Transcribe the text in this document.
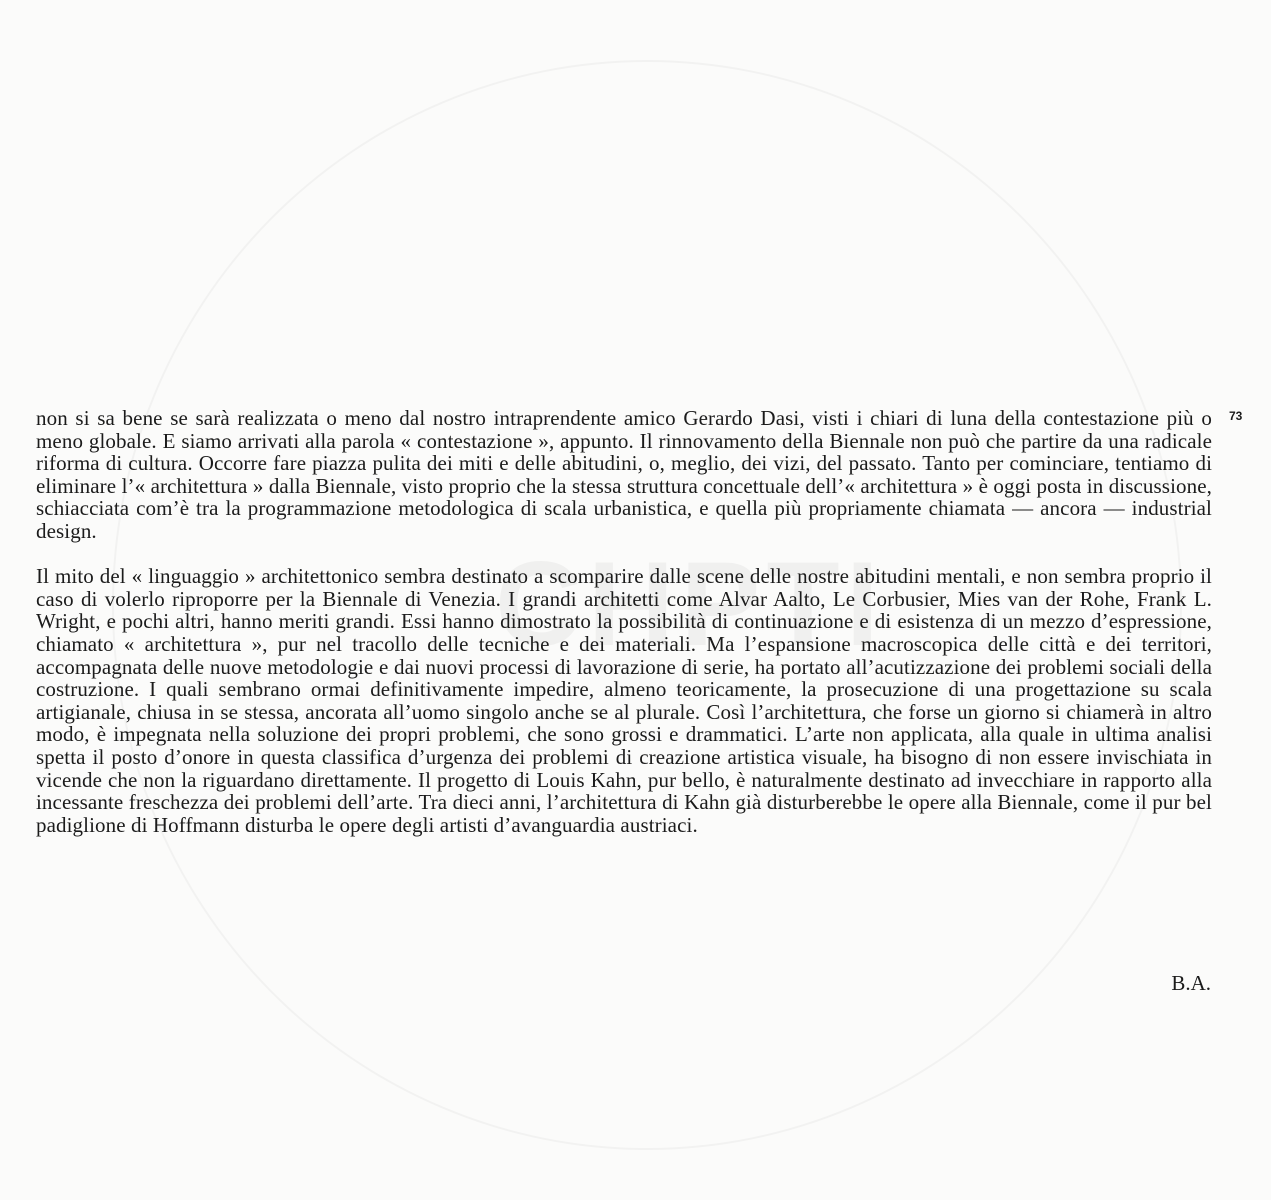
73

non si sa bene se sarà realizzata o meno dal nostro intraprendente amico Gerardo Dasi, visti i chiari di luna della contestazione più o meno globale. E siamo arrivati alla parola « contestazione », appunto. Il rinnovamento della Biennale non può che partire da una radicale riforma di cultura. Occorre fare piazza pulita dei miti e delle abitudini, o, meglio, dei vizi, del passato. Tanto per cominciare, tentiamo di eliminare l’« architettura » dalla Biennale, visto proprio che la stessa struttura concettuale dell’« architettura » è oggi posta in discussione, schiacciata com’è tra la programmazione metodologica di scala urbanistica, e quella più propriamente chiamata — ancora — industrial design.

Il mito del « linguaggio » architettonico sembra destinato a scomparire dalle scene delle nostre abitudini mentali, e non sembra proprio il caso di volerlo riproporre per la Biennale di Venezia. I grandi architetti come Alvar Aalto, Le Corbusier, Mies van der Rohe, Frank L. Wright, e pochi altri, hanno meriti grandi. Essi hanno dimostrato la possibilità di continuazione e di esistenza di un mezzo d’espressione, chiamato « architettura », pur nel tracollo delle tecniche e dei materiali. Ma l’espansione macroscopica delle città e dei territori, accompagnata delle nuove metodologie e dai nuovi processi di lavorazione di serie, ha portato all’acutizzazione dei problemi sociali della costruzione. I quali sembrano ormai definitivamente impedire, almeno teoricamente, la prosecuzione di una progettazione su scala artigianale, chiusa in se stessa, ancorata all’uomo singolo anche se al plurale. Così l’architettura, che forse un giorno si chiamerà in altro modo, è impegnata nella soluzione dei propri problemi, che sono grossi e drammatici. L’arte non applicata, alla quale in ultima analisi spetta il posto d’onore in questa classifica d’urgenza dei problemi di creazione artistica visuale, ha bisogno di non essere invischiata in vicende che non la riguardano direttamente. Il progetto di Louis Kahn, pur bello, è naturalmente destinato ad invecchiare in rapporto alla incessante freschezza dei problemi dell’arte. Tra dieci anni, l’architettura di Kahn già disturberebbe le opere alla Biennale, come il pur bel padiglione di Hoffmann disturba le opere degli artisti d’avanguardia austriaci.

B.A.
